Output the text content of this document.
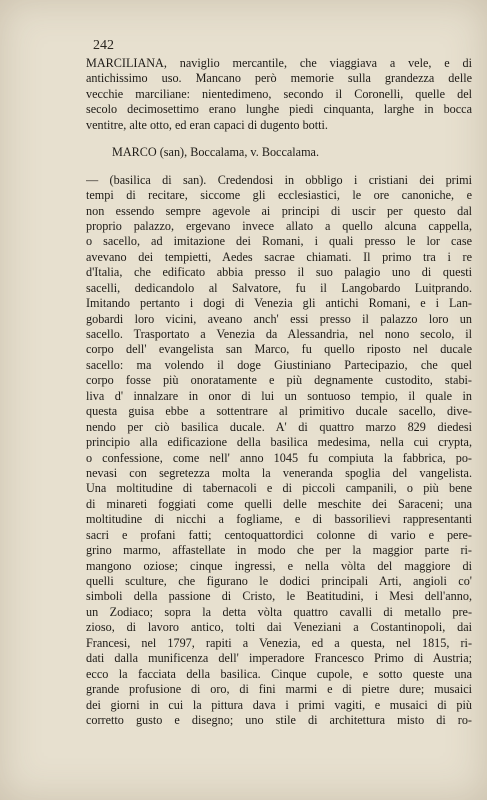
242
MARCILIANA, naviglio mercantile, che viaggiava a vele, e di
antichissimo uso. Mancano però memorie sulla grandezza delle
vecchie marciliane: nientedimeno, secondo il Coronelli, quelle del
secolo decimosettimo erano lunghe piedi cinquanta, larghe in bocca
ventitre, alte otto, ed eran capaci di dugento botti.
MARCO (san), Boccalama, v. Boccalama.
— (basilica di san). Credendosi in obbligo i cristiani dei primi
tempi di recitare, siccome gli ecclesiastici, le ore canoniche, e
non essendo sempre agevole ai principi di uscir per questo dal
proprio palazzo, ergevano invece allato a quello alcuna cappella,
o sacello, ad imitazione dei Romani, i quali presso le lor case
avevano dei tempietti, Aedes sacrae chiamati. Il primo tra i re
d'Italia, che edificato abbia presso il suo palagio uno di questi
sacelli, dedicandolo al Salvatore, fu il Langobardo Luitprando.
Imitando pertanto i dogi di Venezia gli antichi Romani, e i Lan-
gobardi loro vicini, aveano anch' essi presso il palazzo loro un
sacello. Trasportato a Venezia da Alessandria, nel nono secolo, il
corpo dell' evangelista san Marco, fu quello riposto nel ducale
sacello: ma volendo il doge Giustiniano Partecipazio, che quel
corpo fosse più onoratamente e più degnamente custodito, stabi-
liva d' innalzare in onor di lui un sontuoso tempio, il quale in
questa guisa ebbe a sottentrare al primitivo ducale sacello, dive-
nendo per ciò basilica ducale. A' di quattro marzo 829 diedesi
principio alla edificazione della basilica medesima, nella cui crypta,
o confessione, come nell' anno 1045 fu compiuta la fabbrica, po-
nevasi con segretezza molta la veneranda spoglia del vangelista.
Una moltitudine di tabernacoli e di piccoli campanili, o più bene
di minareti foggiati come quelli delle meschite dei Saraceni; una
moltitudine di nicchi a fogliame, e di bassorilievi rappresentanti
sacri e profani fatti; centoquattordici colonne di vario e pere-
grino marmo, affastellate in modo che per la maggior parte ri-
mangono oziose; cinque ingressi, e nella vòlta del maggiore di
quelli sculture, che figurano le dodici principali Arti, angioli co'
simboli della passione di Cristo, le Beatitudini, i Mesi dell'anno,
un Zodiaco; sopra la detta vòlta quattro cavalli di metallo pre-
zioso, di lavoro antico, tolti dai Veneziani a Costantinopoli, dai
Francesi, nel 1797, rapiti a Venezia, ed a questa, nel 1815, ri-
dati dalla munificenza dell' imperadore Francesco Primo di Austria;
ecco la facciata della basilica. Cinque cupole, e sotto queste una
grande profusione di oro, di fini marmi e di pietre dure; musaici
dei giorni in cui la pittura dava i primi vagiti, e musaici di più
corretto gusto e disegno; uno stile di architettura misto di ro-
